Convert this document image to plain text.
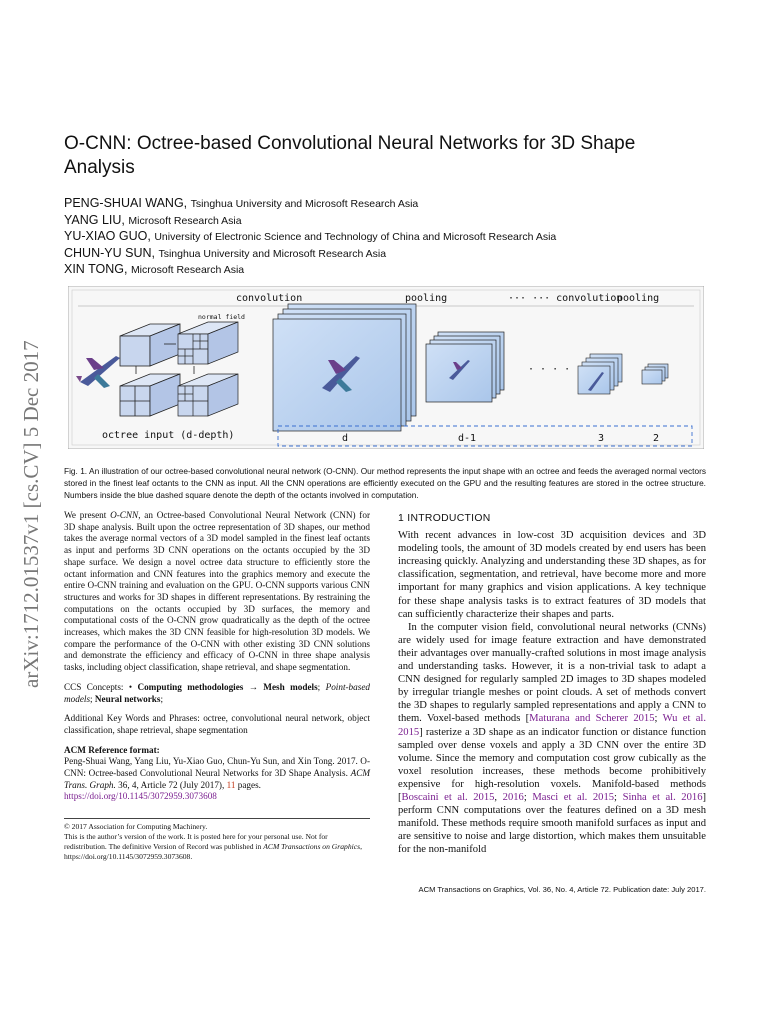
arXiv:1712.01537v1 [cs.CV] 5 Dec 2017
O-CNN: Octree-based Convolutional Neural Networks for 3D Shape Analysis
PENG-SHUAI WANG, Tsinghua University and Microsoft Research Asia
YANG LIU, Microsoft Research Asia
YU-XIAO GUO, University of Electronic Science and Technology of China and Microsoft Research Asia
CHUN-YU SUN, Tsinghua University and Microsoft Research Asia
XIN TONG, Microsoft Research Asia
convolution	pooling	··· ··· convolution
pooling
normal field
octree input (d-depth)
· · · ·
d	d-1	3	2
Fig. 1. An illustration of our octree-based convolutional neural network (O-CNN). Our method represents the input shape with an octree and feeds the averaged normal vectors stored in the finest leaf octants to the CNN as input. All the CNN operations are efficiently executed on the GPU and the resulting features are stored in the octree structure. Numbers inside the blue dashed square denote the depth of the octants involved in computation.

We present O-CNN, an Octree-based Convolutional Neural Network (CNN) for 3D shape analysis. Built upon the octree representation of 3D shapes, our method takes the average normal vectors of a 3D model sampled in the finest leaf octants as input and performs 3D CNN operations on the octants occupied by the 3D shape surface. We design a novel octree data structure to efficiently store the octant information and CNN features into the graphics memory and execute the entire O-CNN training and evaluation on the GPU. O-CNN supports various CNN structures and works for 3D shapes in different representations. By restraining the computations on the octants occupied by 3D surfaces, the memory and computational costs of the O-CNN grow quadratically as the depth of the octree increases, which makes the 3D CNN feasible for high-resolution 3D models. We compare the performance of the O-CNN with other existing 3D CNN solutions and demonstrate the efficiency and efficacy of O-CNN in three shape analysis tasks, including object classification, shape retrieval, and shape segmentation.

CCS Concepts: • Computing methodologies → Mesh models; Point-based models; Neural networks;

Additional Key Words and Phrases: octree, convolutional neural network, object classification, shape retrieval, shape segmentation

ACM Reference format:

Peng-Shuai Wang, Yang Liu, Yu-Xiao Guo, Chun-Yu Sun, and Xin Tong. 2017. O-CNN: Octree-based Convolutional Neural Networks for 3D Shape Analysis. ACM Trans. Graph. 36, 4, Article 72 (July 2017), 11 pages.
https://doi.org/10.1145/3072959.3073608

© 2017 Association for Computing Machinery.

This is the author’s version of the work. It is posted here for your personal use. Not for redistribution. The definitive Version of Record was published in ACM Transactions on Graphics, https://doi.org/10.1145/3072959.3073608.

1 INTRODUCTION

With recent advances in low-cost 3D acquisition devices and 3D modeling tools, the amount of 3D models created by end users has been increasing quickly. Analyzing and understanding these 3D shapes, as for classification, segmentation, and retrieval, have become more and more important for many graphics and vision applications. A key technique for these shape analysis tasks is to extract features of 3D models that can sufficiently characterize their shapes and parts.

In the computer vision field, convolutional neural networks (CNNs) are widely used for image feature extraction and have demonstrated their advantages over manually-crafted solutions in most image analysis and understanding tasks. However, it is a non-trivial task to adapt a CNN designed for regularly sampled 2D images to 3D shapes modeled by irregular triangle meshes or point clouds. A set of methods convert the 3D shapes to regularly sampled representations and apply a CNN to them. Voxel-based methods [Maturana and Scherer 2015; Wu et al. 2015] rasterize a 3D shape as an indicator function or distance function sampled over dense voxels and apply a 3D CNN over the entire 3D volume. Since the memory and computation cost grow cubically as the voxel resolution increases, these methods become prohibitively expensive for high-resolution voxels. Manifold-based methods [Boscaini et al. 2015, 2016; Masci et al. 2015; Sinha et al. 2016] perform CNN computations over the features defined on a 3D mesh manifold. These methods require smooth manifold surfaces as input and are sensitive to noise and large distortion, which makes them unsuitable for the non-manifold

ACM Transactions on Graphics, Vol. 36, No. 4, Article 72. Publication date: July 2017.
